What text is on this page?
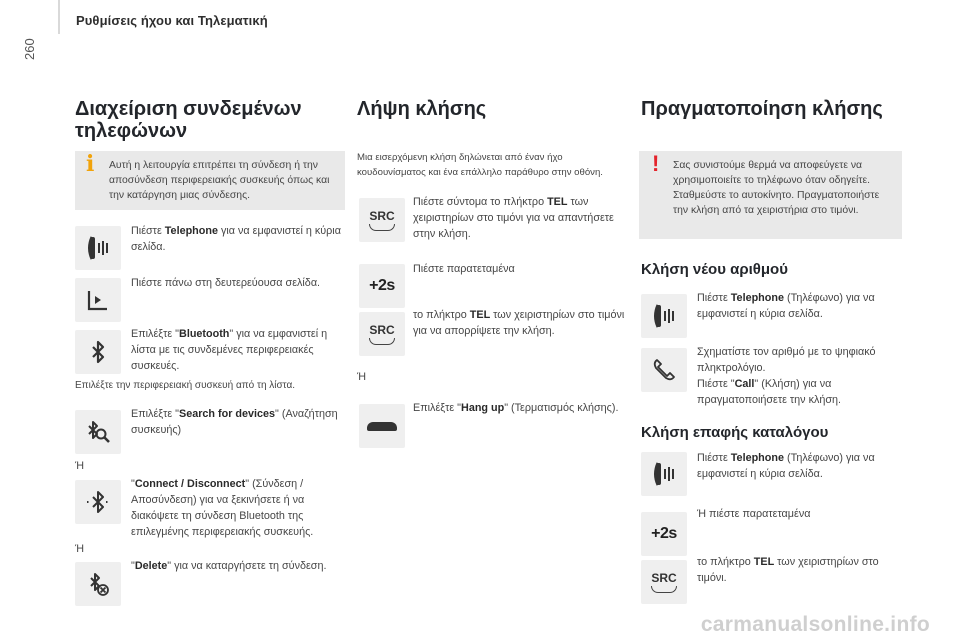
Ρυθμίσεις ήχου και Τηλεματική
260
Διαχείριση συνδεμένων
τηλεφώνων
i Αυτή η λειτουργία επιτρέπει τη σύνδεση ή την αποσύνδεση περιφερειακής συσκευής όπως και την κατάργηση μιας σύνδεσης.
Πιέστε Telephone για να εμφανιστεί η κύρια σελίδα.
Πιέστε πάνω στη δευτερεύουσα σελίδα.
Επιλέξτε "Bluetooth" για να εμφανιστεί η λίστα με τις συνδεμένες περιφερειακές συσκευές.
Επιλέξτε την περιφερειακή συσκευή από τη λίστα.
Επιλέξτε "Search for devices" (Αναζήτηση συσκευής)
Ή
"Connect / Disconnect" (Σύνδεση / Αποσύνδεση) για να ξεκινήσετε ή να διακόψετε τη σύνδεση Bluetooth της επιλεγμένης περιφερειακής συσκευής.
Ή
"Delete" για να καταργήσετε τη σύνδεση.
Λήψη κλήσης
Μια εισερχόμενη κλήση δηλώνεται από έναν ήχο κουδουνίσματος και ένα επάλληλο παράθυρο στην οθόνη.
SRC
Πιέστε σύντομα το πλήκτρο TEL των χειριστηρίων στο τιμόνι για να απαντήσετε στην κλήση.
+2s
Πιέστε παρατεταμένα
SRC
το πλήκτρο TEL των χειριστηρίων στο τιμόνι για να απορρίψετε την κλήση.
Ή
Επιλέξτε "Hang up" (Τερματισμός κλήσης).
Πραγματοποίηση κλήσης
! Σας συνιστούμε θερμά να αποφεύγετε να χρησιμοποιείτε το τηλέφωνο όταν οδηγείτε. Σταθμεύστε το αυτοκίνητο. Πραγματοποιήστε την κλήση από τα χειριστήρια στο τιμόνι.
Κλήση νέου αριθμού
Πιέστε Telephone (Τηλέφωνο) για να εμφανιστεί η κύρια σελίδα.
Σχηματίστε τον αριθμό με το ψηφιακό πληκτρολόγιο.
Πιέστε "Call" (Κλήση) για να πραγματοποιήσετε την κλήση.
Κλήση επαφής καταλόγου
Πιέστε Telephone (Τηλέφωνο) για να εμφανιστεί η κύρια σελίδα.
+2s
Ή πιέστε παρατεταμένα
SRC
το πλήκτρο TEL των χειριστηρίων στο τιμόνι.
carmanualsonline.info
